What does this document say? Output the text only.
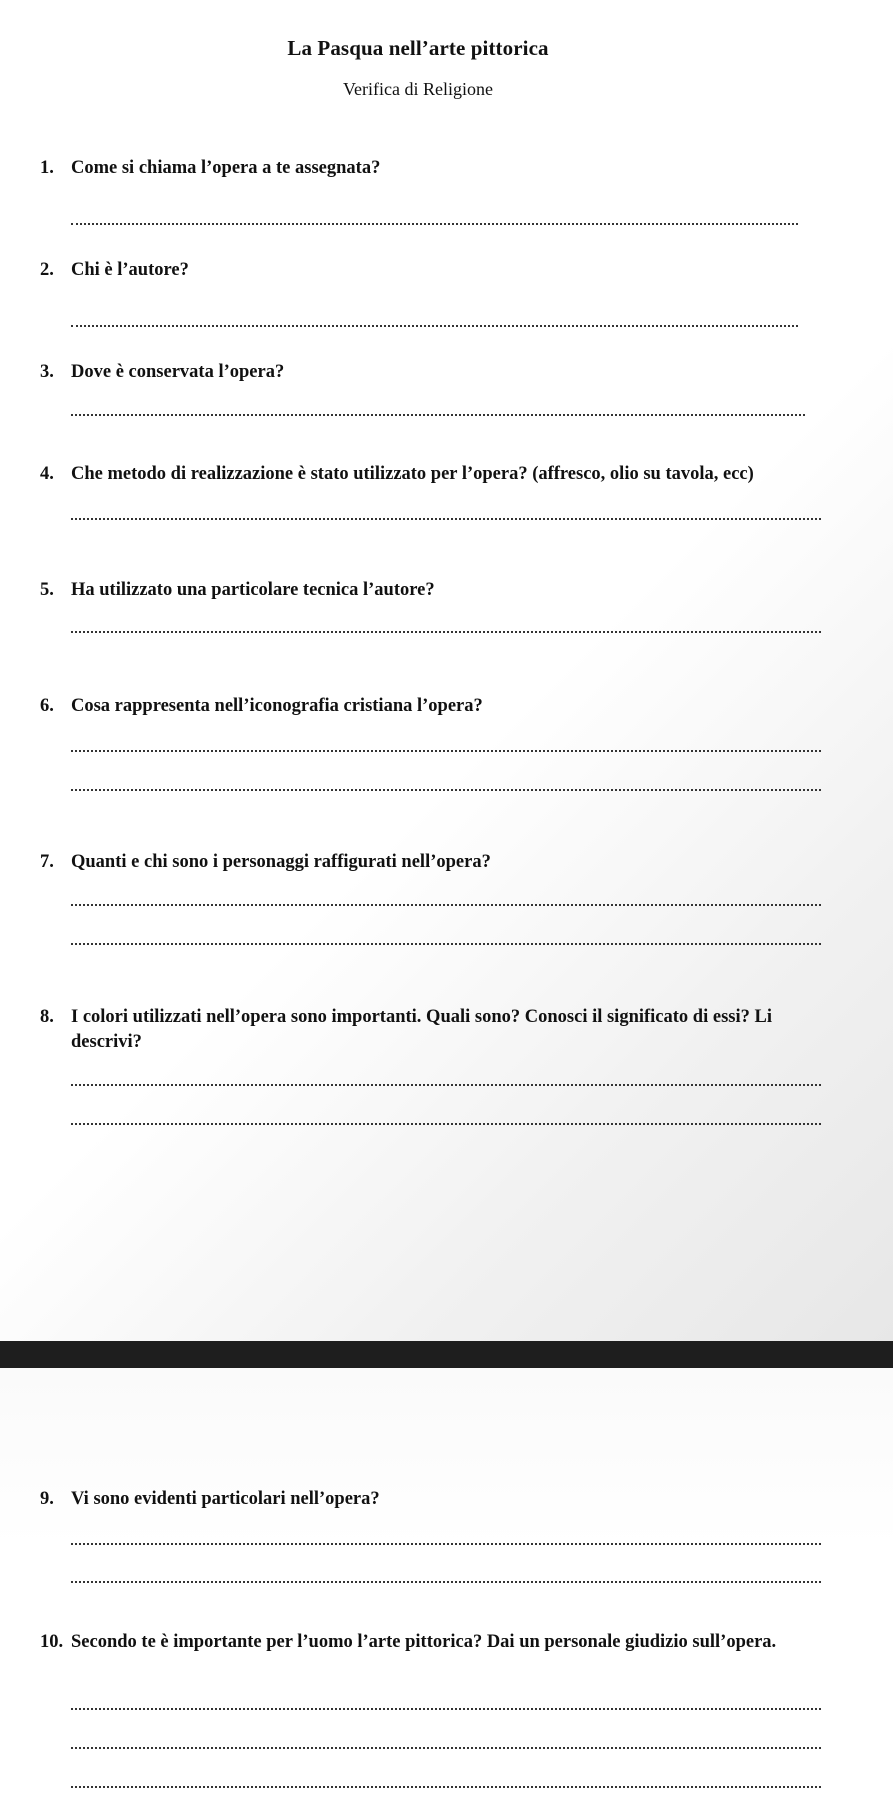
La Pasqua nell’arte pittorica
Verifica di Religione
1. Come si chiama l’opera a te assegnata?
2. Chi è l’autore?
3. Dove è conservata l’opera?
4. Che metodo di realizzazione è stato utilizzato per l’opera? (affresco, olio su tavola, ecc)
5. Ha utilizzato una particolare tecnica l’autore?
6. Cosa rappresenta nell’iconografia cristiana l’opera?
7. Quanti e chi sono i personaggi raffigurati nell’opera?
8. I colori utilizzati nell’opera sono importanti. Quali sono? Conosci il significato di essi? Li descrivi?
9. Vi sono evidenti particolari nell’opera?
10. Secondo te è importante per l’uomo l’arte pittorica? Dai un personale giudizio sull’opera.
